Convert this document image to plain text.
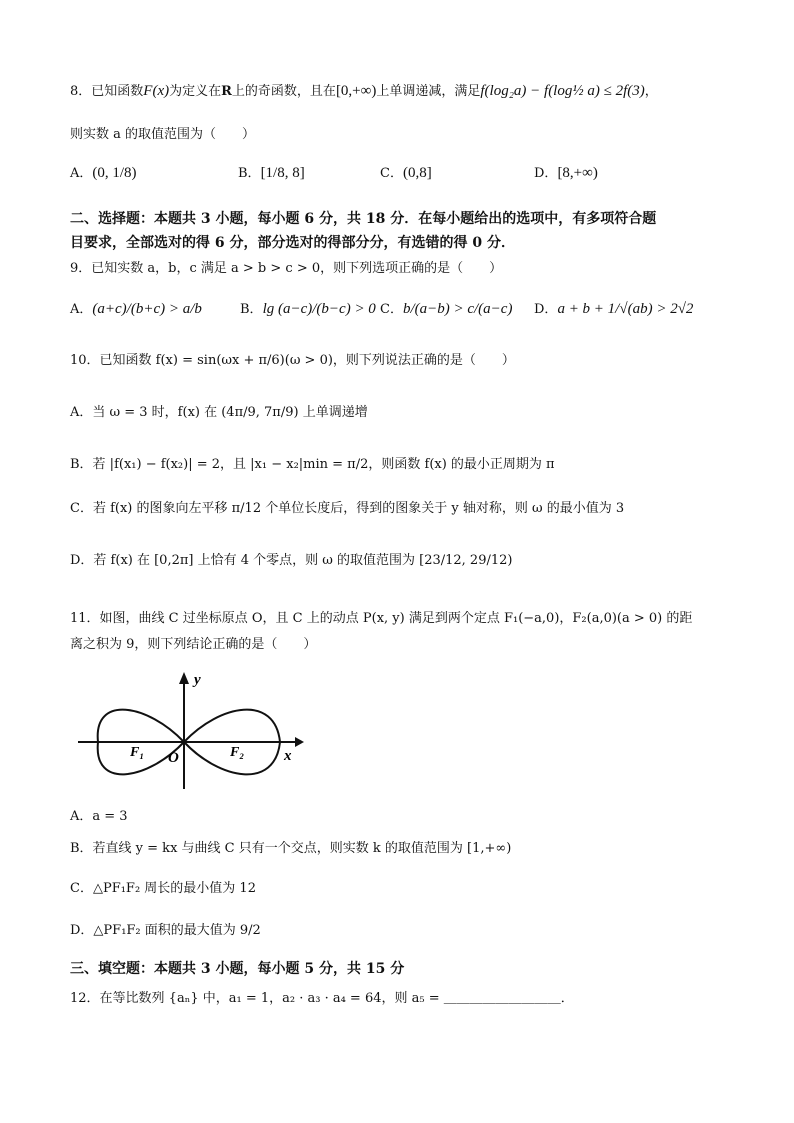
8．已知函数F(x)为定义在R上的奇函数，且在[0,+∞)上单调递减，满足f(log₂a) − f(log½ a) ≤ 2f(3)，
则实数 a 的取值范围为（　　）
A．(0, 1/8)	B．[1/8, 8]	C．(0,8]	D．[8,+∞)
二、选择题：本题共 3 小题，每小题 6 分，共 18 分．在每小题给出的选项中，有多项符合题
目要求，全部选对的得 6 分，部分选对的得部分分，有选错的得 0 分．
9．已知实数 a，b，c 满足 a > b > c > 0，则下列选项正确的是（　　）
A．(a+c)/(b+c) > a/b	B．lg (a−c)/(b−c) > 0 C．b/(a−b) > c/(a−c) D．a + b + 1/√(ab) > 2√2
10．已知函数 f(x) = sin(ωx + π/6)(ω > 0)，则下列说法正确的是（　　）
A．当 ω = 3 时，f(x) 在 (4π/9, 7π/9) 上单调递增
B．若 |f(x₁) − f(x₂)| = 2，且 |x₁ − x₂|min = π/2，则函数 f(x) 的最小正周期为 π
C．若 f(x) 的图象向左平移 π/12 个单位长度后，得到的图象关于 y 轴对称，则 ω 的最小值为 3
D．若 f(x) 在 [0,2π] 上恰有 4 个零点，则 ω 的取值范围为 [23/12, 29/12)
11．如图，曲线 C 过坐标原点 O，且 C 上的动点 P(x, y) 满足到两个定点 F₁(−a,0)，F₂(a,0)(a > 0) 的距
离之积为 9，则下列结论正确的是（　　）
y
x
O
F₁	F₂
A．a = 3
B．若直线 y = kx 与曲线 C 只有一个交点，则实数 k 的取值范围为 [1,+∞)
C．△PF₁F₂ 周长的最小值为 12
D．△PF₁F₂ 面积的最大值为 9/2
三、填空题：本题共 3 小题，每小题 5 分，共 15 分
12．在等比数列 {aₙ} 中，a₁ = 1，a₂ · a₃ · a₄ = 64，则 a₅ = ＿＿＿＿＿＿＿＿＿．
